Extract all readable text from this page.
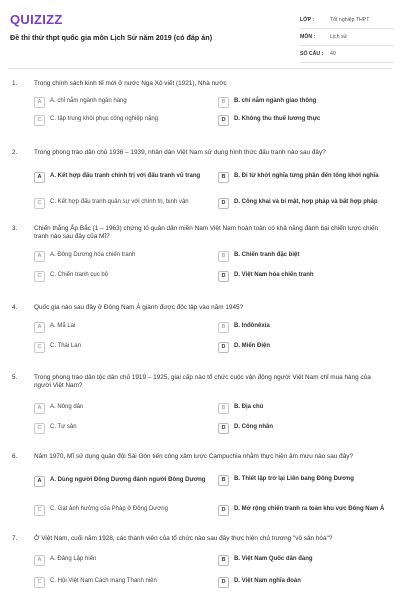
QUIZIZZ
Đề thi thử thpt quốc gia môn Lịch Sử năm 2019 (có đáp án)
LỚP :	Tốt nghiệp THPT
MÔN :	Lịch sử
SỐ CÂU :	40
1.	Trong chính sách kinh tế mới ở nước Nga Xô viết (1921), Nhà nước
A	A. chỉ nắm ngành ngân hàng	B	B. chỉ nắm ngành giao thông
C	C. tập trung khôi phục công nghiệp nặng	D	D. Không thu thuế lương thực
2.	Trong phong trào dân chủ 1936 – 1939, nhân dân Việt Nam sử dụng hình thức đấu tranh nào sau đây?
A	A. Kết hợp đấu tranh chính trị với đấu tranh vũ trang	B	B. Đi từ khởi nghĩa từng phần đến tổng khởi nghĩa
C	C. Kết hợp đấu tranh quân sự với chính trị, binh vận	D	D. Công khai và bí mật, hợp pháp và bất hợp pháp
3.	Chiến thắng Ấp Bắc (1 – 1963) chứng tỏ quân dân miền Nam Việt Nam hoàn toàn có khả năng đánh bại chiến lược chiến tranh nào sau đây của Mĩ?
A	A. Đông Dương hóa chiến tranh	B	B. Chiến tranh đặc biệt
C	C. Chiến tranh cục bộ	D	D. Việt Nam hóa chiến tranh
4.	Quốc gia nào sau đây ở Đông Nam Á giành được độc lập vào năm 1945?
A	A. Mã Lai	B	B. Inđônêxia
C	C. Thái Lan	D	D. Miến Điện
5.	Trong phong trào dân tộc dân chủ 1919 – 1925, giai cấp nào tổ chức cuộc vận động người Việt Nam chỉ mua hàng của người Việt Nam?
A	A. Nông dân	B	B. Địa chủ
C	C. Tư sản	D	D. Công nhân
6.	Năm 1970, Mĩ sử dụng quân đội Sài Gòn tiến công xâm lược Campuchia nhằm thực hiện âm mưu nào sau đây?
A	A. Dùng người Đông Dương đánh người Đông Dương	B	B. Thiết lập trở lại Liên bang Đông Dương
C	C. Gạt ảnh hưởng của Pháp ở Đông Dương	D	D. Mở rộng chiến tranh ra toàn khu vực Đông Nam Á
7.	Ở Việt Nam, cuối năm 1928, các thành viên của tổ chức nào sau đây thực hiện chủ trương "vô sản hóa"?
A	A. Đảng Lập hiến	B	B. Việt Nam Quốc dân đảng
C	C. Hội Việt Nam Cách mạng Thanh niên	D	D. Việt Nam nghĩa đoàn
